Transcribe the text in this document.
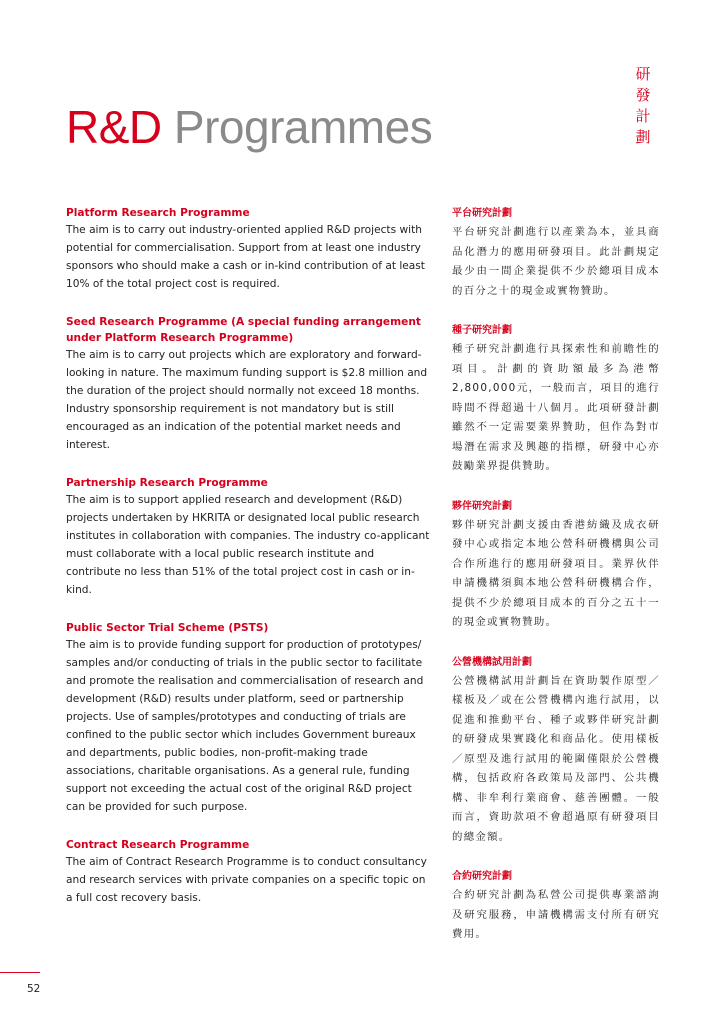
R&D Programmes
研
發
計
劃

Platform Research Programme

The aim is to carry out industry-oriented applied R&D projects with potential for commercialisation. Support from at least one industry sponsors who should make a cash or in-kind contribution of at least 10% of the total project cost is required.

Seed Research Programme (A special funding arrangement under Platform Research Programme)

The aim is to carry out projects which are exploratory and forward-looking in nature. The maximum funding support is $2.8 million and the duration of the project should normally not exceed 18 months. Industry sponsorship requirement is not mandatory but is still encouraged as an indication of the potential market needs and interest.

Partnership Research Programme

The aim is to support applied research and development (R&D) projects undertaken by HKRITA or designated local public research institutes in collaboration with companies. The industry co-applicant must collaborate with a local public research institute and contribute no less than 51% of the total project cost in cash or in-kind.

Public Sector Trial Scheme (PSTS)

The aim is to provide funding support for production of prototypes/ samples and/or conducting of trials in the public sector to facilitate and promote the realisation and commercialisation of research and development (R&D) results under platform, seed or partnership projects. Use of samples/prototypes and conducting of trials are confined to the public sector which includes Government bureaux and departments, public bodies, non-profit-making trade associations, charitable organisations. As a general rule, funding support not exceeding the actual cost of the original R&D project can be provided for such purpose.

Contract Research Programme

The aim of Contract Research Programme is to conduct consultancy and research services with private companies on a specific topic on a full cost recovery basis.

平台研究計劃

平台研究計劃進行以產業為本，並具商品化潛力的應用研發項目。此計劃規定最少由一間企業提供不少於總項目成本的百分之十的現金或實物贊助。

種子研究計劃

種子研究計劃進行具探索性和前瞻性的項目。計劃的資助額最多為港幣2,800,000元，一般而言，項目的進行時間不得超過十八個月。此項研發計劃雖然不一定需要業界贊助，但作為對市場潛在需求及興趣的指標，研發中心亦鼓勵業界提供贊助。

夥伴研究計劃

夥伴研究計劃支援由香港紡織及成衣研發中心或指定本地公營科研機構與公司合作所進行的應用研發項目。業界伙伴申請機構須與本地公營科研機構合作，提供不少於總項目成本的百分之五十一的現金或實物贊助。

公營機構試用計劃

公營機構試用計劃旨在資助製作原型／樣板及／或在公營機構內進行試用，以促進和推動平台、種子或夥伴研究計劃的研發成果實踐化和商品化。使用樣板／原型及進行試用的範圍僅限於公營機構，包括政府各政策局及部門、公共機構、非牟利行業商會、慈善團體。一般而言，資助款項不會超過原有研發項目的總金額。

合約研究計劃

合約研究計劃為私營公司提供專業諮詢及研究服務，申請機構需支付所有研究費用。

52
